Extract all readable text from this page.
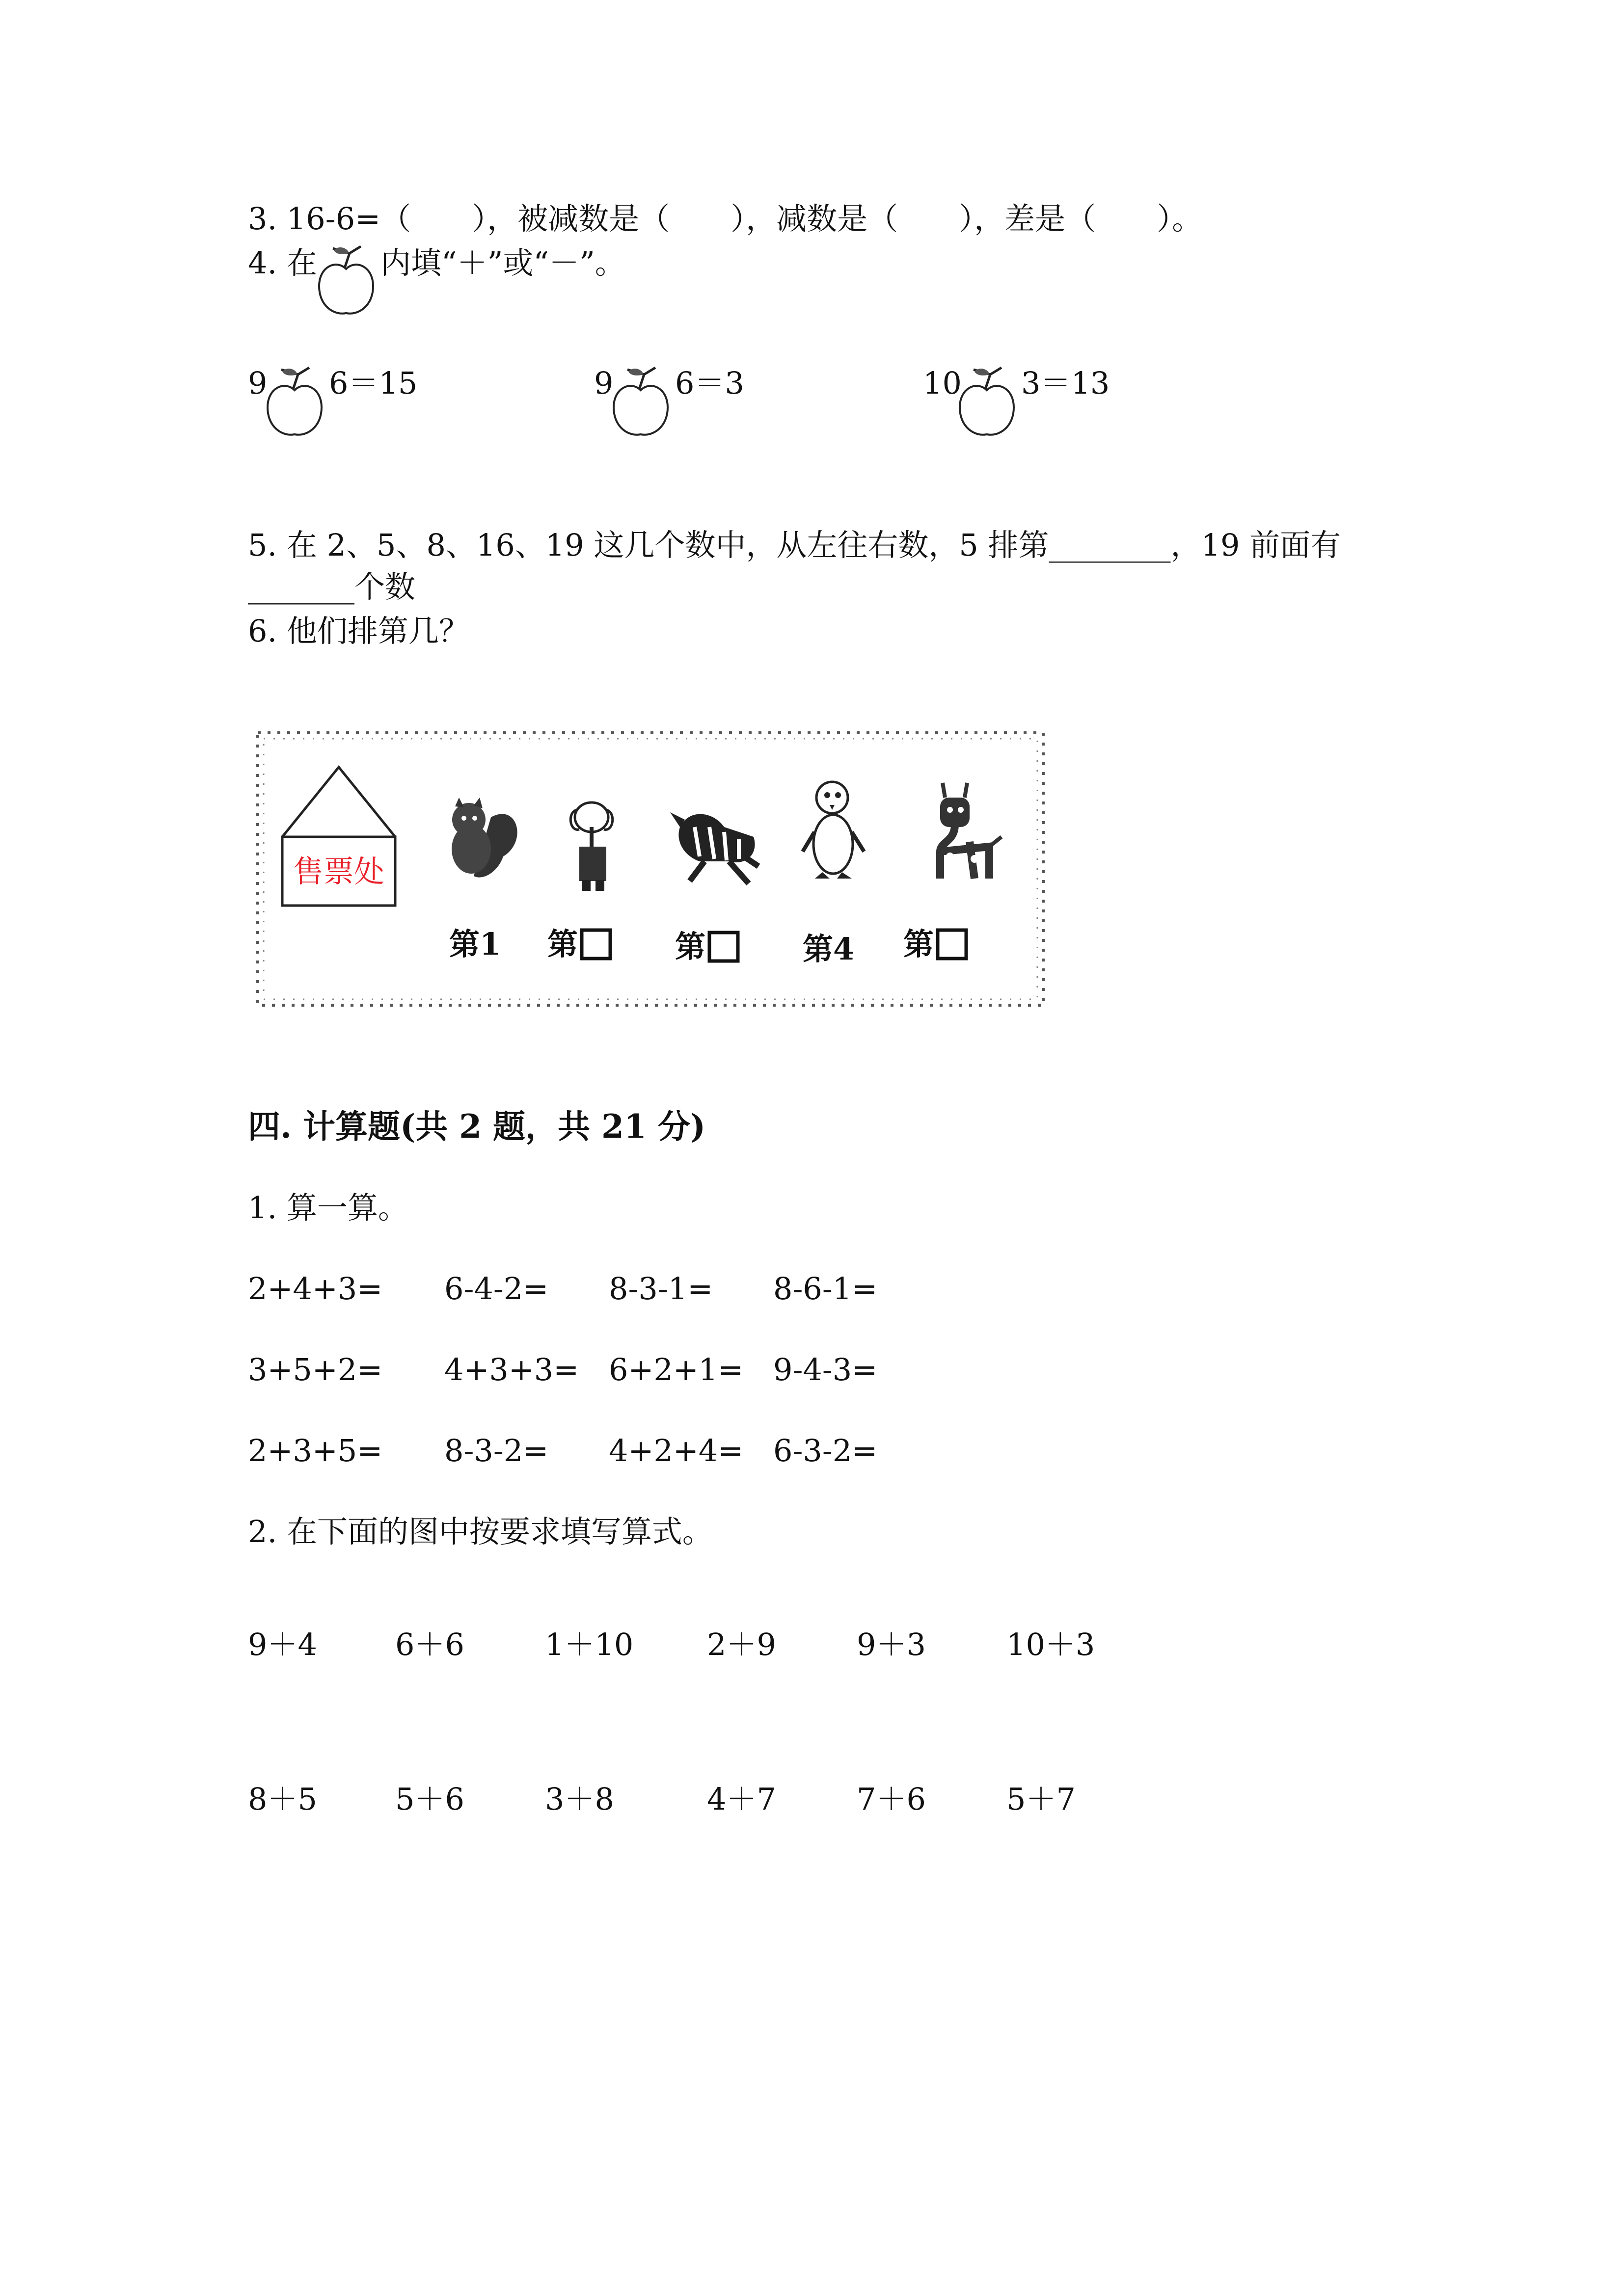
3. 16-6=（　　），被减数是（　　），减数是（　　），差是（　　）。
4. 在 内填“＋”或“－”。
9 6＝15	9 6＝3	10 3＝13
5. 在 2、5、8、16、19 这几个数中，从左往右数，5 排第________，19 前面有
_______个数
6. 他们排第几？
售票处
第1 第	第	第4 第
四. 计算题(共 2 题，共 21 分)
1. 算一算。
2+4+3= 6-4-2= 8-3-1= 8-6-1=
3+5+2= 4+3+3= 6+2+1= 9-4-3=
2+3+5= 8-3-2= 4+2+4= 6-3-2=
2. 在下面的图中按要求填写算式。
9＋4	6＋6	1＋10 2＋9	9＋3	10＋3
8＋5	5＋6	3＋8	4＋7	7＋6	5＋7
